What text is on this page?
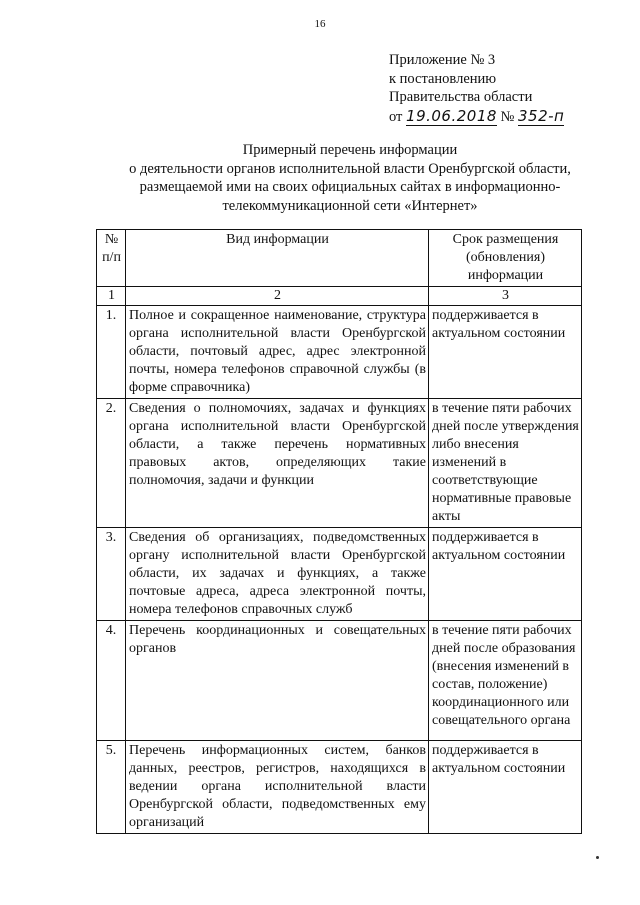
16
Приложение № 3
к постановлению
Правительства области
от 19.06.2018 № 352-п
Примерный перечень информации
о деятельности органов исполнительной власти Оренбургской области,
размещаемой ими на своих официальных сайтах в информационно-
телекоммуникационной сети «Интернет»
№ п/п	Вид информации	Срок размещения (обновления) информации
1	2	3
1.	Полное и сокращенное наименование, структура органа исполнительной власти Оренбургской области, почтовый адрес, адрес электронной почты, номера телефонов справочной службы (в форме справочника)	поддерживается в актуальном состоянии
2.	Сведения о полномочиях, задачах и функциях органа исполнительной власти Оренбургской области, а также перечень нормативных правовых актов, определяющих такие полномочия, задачи и функции	в течение пяти рабочих дней после утверждения либо внесения изменений в соответствующие нормативные правовые акты
3.	Сведения об организациях, подведомственных органу исполнительной власти Оренбургской области, их задачах и функциях, а также почтовые адреса, адреса электронной почты, номера телефонов справочных служб	поддерживается в актуальном состоянии
4.	Перечень координационных и совещательных органов	в течение пяти рабочих дней после образования (внесения изменений в состав, положение) координационного или совещательного органа
5.	Перечень информационных систем, банков данных, реестров, регистров, находящихся в ведении органа исполнительной власти Оренбургской области, подведомственных ему организаций	поддерживается в актуальном состоянии
